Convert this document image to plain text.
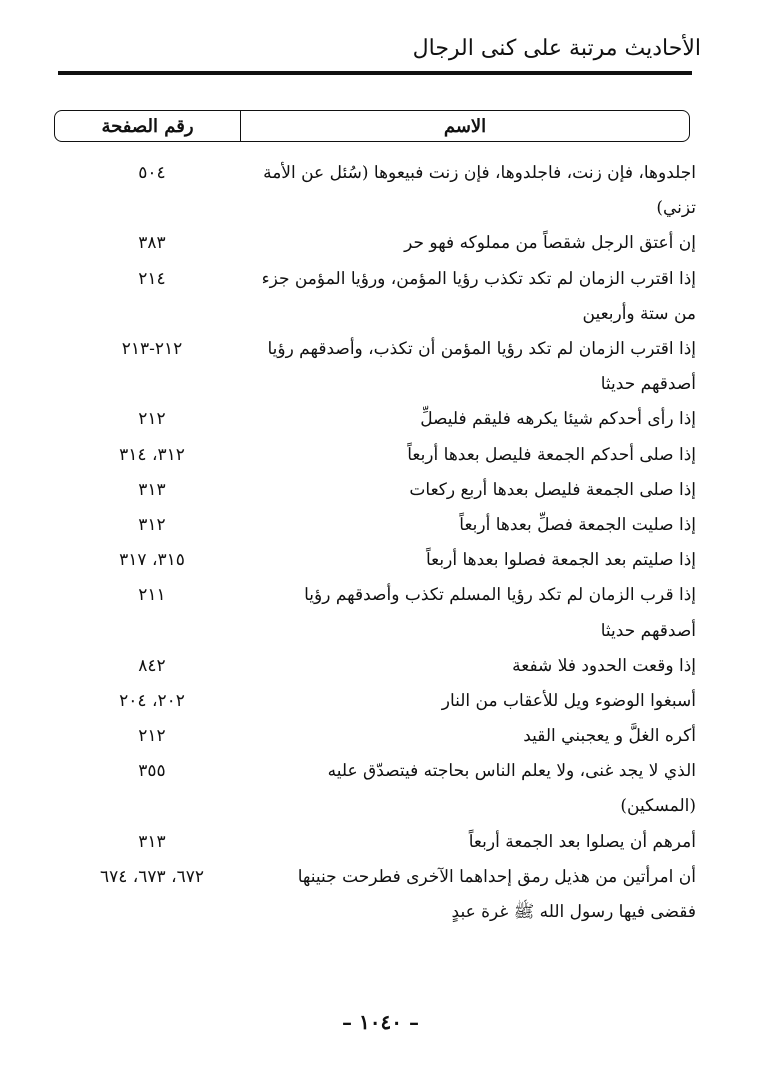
الأحاديث مرتبة على كنى الرجال
الاسم
رقم الصفحة
اجلدوها، فإن زنت، فاجلدوها، فإن زنت فبيعوها (سُئل عن الأمة تزني)
٥٠٤
إن أعتق الرجل شقصاً من مملوكه فهو حر
٣٨٣
إذا اقترب الزمان لم تكد تكذب رؤيا المؤمن، ورؤيا المؤمن جزء من ستة وأربعين
٢١٤
إذا اقترب الزمان لم تكد رؤيا المؤمن أن تكذب، وأصدقهم رؤيا أصدقهم حديثا
٢١٢-٢١٣
إذا رأى أحدكم شيئا يكرهه فليقم فليصلِّ
٢١٢
إذا صلى أحدكم الجمعة فليصل بعدها أربعاً
٣١٢، ٣١٤
إذا صلى الجمعة فليصل بعدها أربع ركعات
٣١٣
إذا صليت الجمعة فصلِّ بعدها أربعاً
٣١٢
إذا صليتم بعد الجمعة فصلوا بعدها أربعاً
٣١٥، ٣١٧
إذا قرب الزمان لم تكد رؤيا المسلم تكذب وأصدقهم رؤيا أصدقهم حديثا
٢١١
إذا وقعت الحدود فلا شفعة
٨٤٢
أسبغوا الوضوء ويل للأعقاب من النار
٢٠٢، ٢٠٤
أكره الغلَّ و يعجبني القيد
٢١٢
الذي لا يجد غنى، ولا يعلم الناس بحاجته فيتصدّق عليه (المسكين)
٣٥٥
أمرهم أن يصلوا بعد الجمعة أربعاً
٣١٣
أن امرأتين من هذيل رمق إحداهما الآخرى فطرحت جنينها فقضى فيها رسول الله ﷺ غرة عبدٍ
٦٧٢، ٦٧٣، ٦٧٤
– ١٠٤٠ –
